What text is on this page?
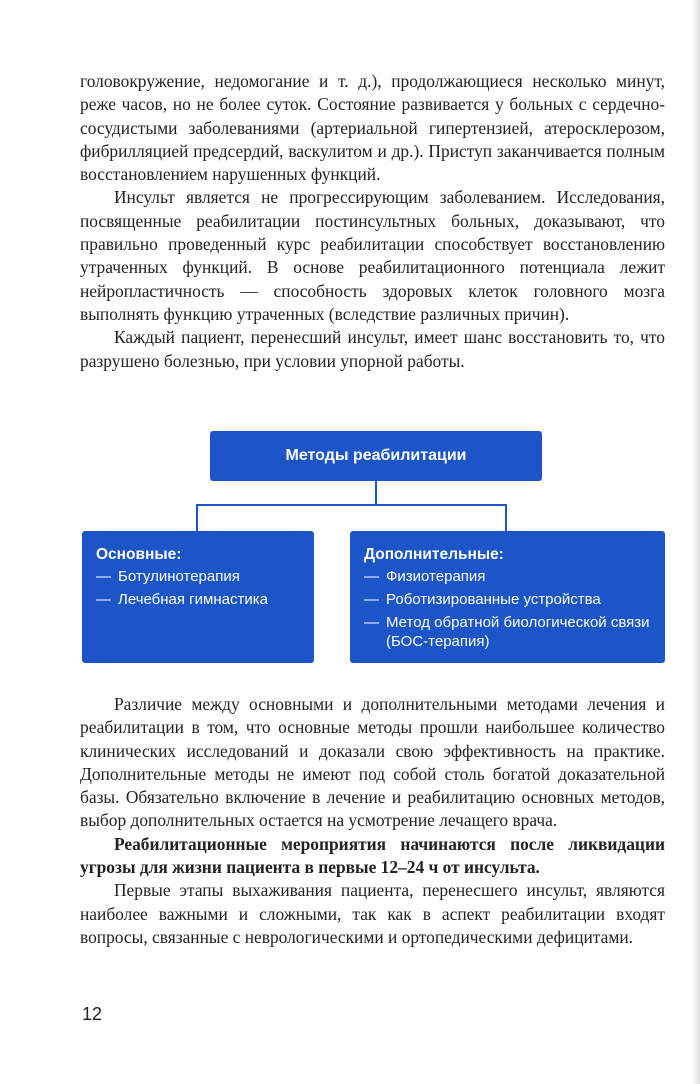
головокружение, недомогание и т. д.), продолжающиеся несколько минут, реже часов, но не более суток. Состояние развивается у больных с сердечно-сосудистыми заболеваниями (артериальной гипертензией, атеросклерозом, фибрилляцией предсердий, васкулитом и др.). Приступ заканчивается полным восстановлением нарушенных функций.

Инсульт является не прогрессирующим заболеванием. Исследования, посвященные реабилитации постинсультных больных, доказывают, что правильно проведенный курс реабилитации способствует восстановлению утраченных функций. В основе реабилитационного потенциала лежит нейропластичность — способность здоровых клеток головного мозга выполнять функцию утраченных (вследствие различных причин).

Каждый пациент, перенесший инсульт, имеет шанс восстановить то, что разрушено болезнью, при условии упорной работы.

Методы реабилитации
Основные:
— Ботулинотерапия
— Лечебная гимнастика
Дополнительные:
— Физиотерапия
— Роботизированные устройства
— Метод обратной биологической связи (БОС-терапия)

Различие между основными и дополнительными методами лечения и реабилитации в том, что основные методы прошли наибольшее количество клинических исследований и доказали свою эффективность на практике. Дополнительные методы не имеют под собой столь богатой доказательной базы. Обязательно включение в лечение и реабилитацию основных методов, выбор дополнительных остается на усмотрение лечащего врача.

Реабилитационные мероприятия начинаются после ликвидации угрозы для жизни пациента в первые 12–24 ч от инсульта.

Первые этапы выхаживания пациента, перенесшего инсульт, являются наиболее важными и сложными, так как в аспект реабилитации входят вопросы, связанные с неврологическими и ортопедическими дефицитами.

12
